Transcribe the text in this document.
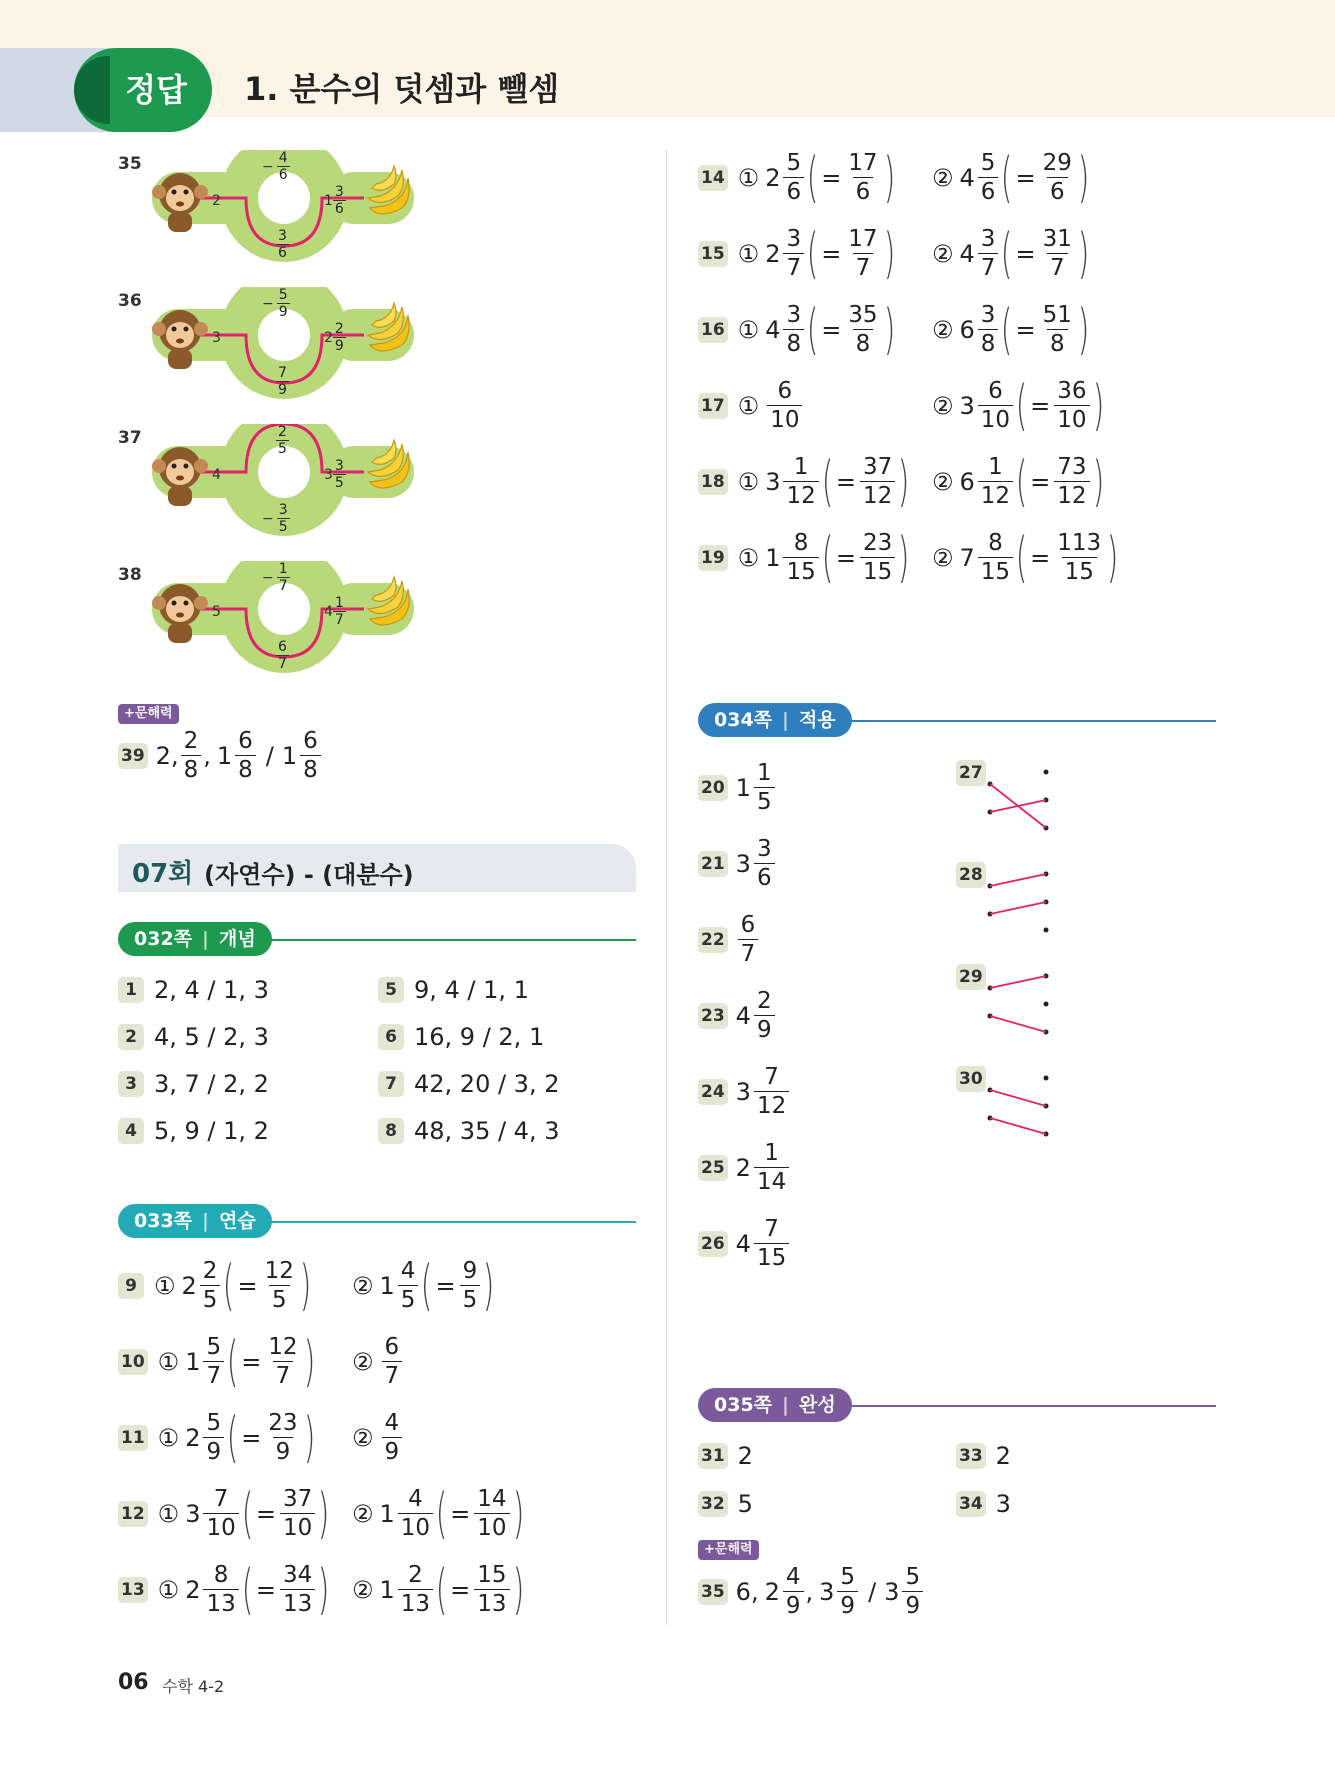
정답	1. 분수의 덧셈과 뺄셈
35
2
− $\frac{4}{6}$
3
6
1
3
6
36
3
− $\frac{5}{9}$
7
9
2
2
9
37
4
2
5
− $\frac{3}{5}$
3
3
5
38
5
− $\frac{1}{7}$
6
7
4
1
7
+문해력
39 2, $\frac{2}{8}$ , $1 \frac{6}{8} / 1 \frac{6}{8}$
07회 (자연수) - (대분수)
032쪽 | 개념
1 2, 4 / 1, 3
2 4, 5 / 2, 3
3 3, 7 / 2, 2
4 5, 9 / 1, 2
5 9, 4 / 1, 1
6 16, 9 / 2, 1
7 42, 20 / 3, 2
8 48, 35 / 4, 3
033쪽 | 연습
9 ① $2 \frac{2}{5}$ ( = $\frac{12}{5}$ ) ② $1 \frac{4}{5}$ ( = $\frac{9}{5}$ )
10 ① $1 \frac{5}{7}$ ( = $\frac{12}{7}$ ) ② $\frac{6}{7}$
11 ① $2 \frac{5}{9}$ ( = $\frac{23}{9}$ ) ② $\frac{4}{9}$
12 ① $3 \frac{7}{10}$ ( = $\frac{37}{10}$ ) ② $1 \frac{4}{10}$ ( = $\frac{14}{10}$ )
13 ① $2 \frac{8}{13}$ ( = $\frac{34}{13}$ ) ② $1 \frac{2}{13}$ ( = $\frac{15}{13}$ )
14 ① $2 \frac{5}{6}$ ( = $\frac{17}{6}$ ) ② $4 \frac{5}{6}$ ( = $\frac{29}{6}$ )
15 ① $2 \frac{3}{7}$ ( = $\frac{17}{7}$ ) ② $4 \frac{3}{7}$ ( = $\frac{31}{7}$ )
16 ① $4 \frac{3}{8}$ ( = $\frac{35}{8}$ ) ② $6 \frac{3}{8}$ ( = $\frac{51}{8}$ )
17 ① $\frac{6}{10}$	② $3 \frac{6}{10}$ ( = $\frac{36}{10}$ )
18 ① $3 \frac{1}{12}$ ( = $\frac{37}{12}$ ) ② $6 \frac{1}{12}$ ( = $\frac{73}{12}$ )
19 ① $1 \frac{8}{15}$ ( = $\frac{23}{15}$ ) ② $7 \frac{8}{15}$ ( = $\frac{113}{15}$ )
034쪽 | 적용
20 $1 \frac{1}{5}$
21 $3 \frac{3}{6}$
$22 \frac{6}{7}$
23 $4 \frac{2}{9}$
24 $3 \frac{7}{12}$
25 $2 \frac{1}{14}$
26 $4 \frac{7}{15}$
27
28
29
30
035쪽 | 완성
31 2
32 5
33 2
34 3
+문해력
35 6, $2 \frac{4}{9}$ , $3 \frac{5}{9} / 3 \frac{5}{9}$
06 수학 4-2
